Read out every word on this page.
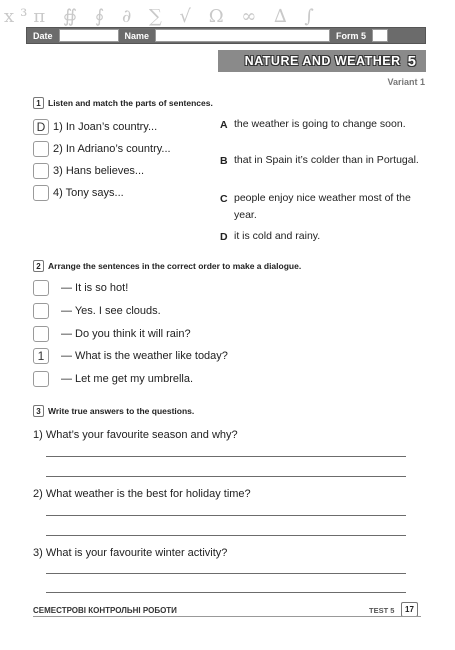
x³π ∯ ∮ ∂ ∑ √ Ω ∞ ∆ ∫
Date	Name	Form 5
NATURE AND WEATHER 5
Variant 1
1 Listen and match the parts of sentences.
D 1) In Joan’s country...
2) In Adriano’s country...
3) Hans believes...
4) Tony says...
A the weather is going to change soon.
B that in Spain it’s colder than in Portugal.
C people enjoy nice weather most of the year.
D it is cold and rainy.
2 Arrange the sentences in the correct order to make a dialogue.
— It is so hot!
— Yes. I see clouds.
— Do you think it will rain?
1	— What is the weather like today?
— Let me get my umbrella.
3 Write true answers to the questions.
1) What’s your favourite season and why?
2) What weather is the best for holiday time?
3) What is your favourite winter activity?
СЕМЕСТРОВІ КОНТРОЛЬНІ РОБОТИ	TEST 5	17
